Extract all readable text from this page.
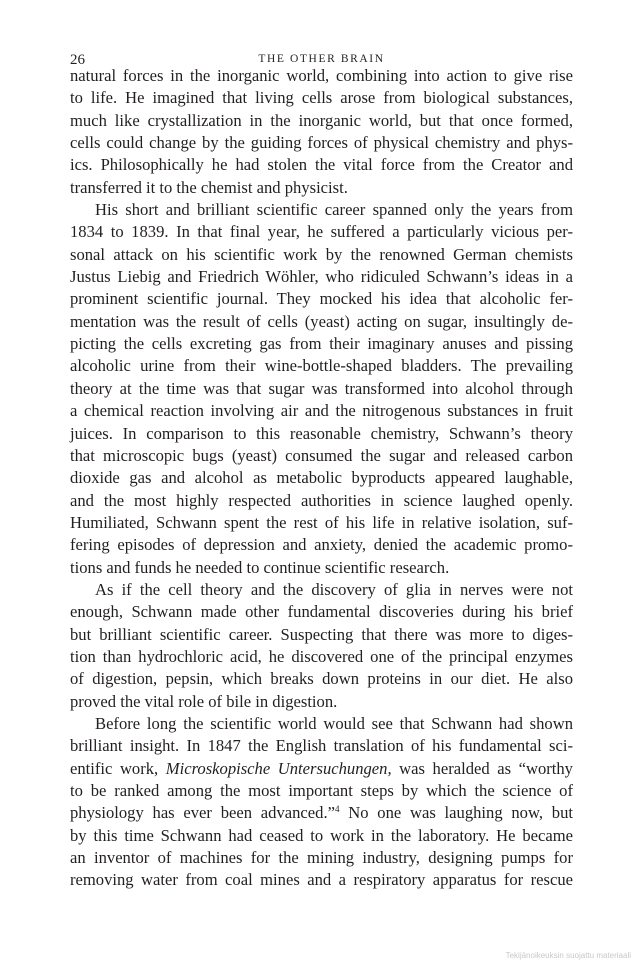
26	THE OTHER BRAIN
natural forces in the inorganic world, combining into action to give rise
to life. He imagined that living cells arose from biological substances,
much like crystallization in the inorganic world, but that once formed,
cells could change by the guiding forces of physical chemistry and phys-
ics. Philosophically he had stolen the vital force from the Creator and
transferred it to the chemist and physicist.
His short and brilliant scientific career spanned only the years from
1834 to 1839. In that final year, he suffered a particularly vicious per-
sonal attack on his scientific work by the renowned German chemists
Justus Liebig and Friedrich Wöhler, who ridiculed Schwann’s ideas in a
prominent scientific journal. They mocked his idea that alcoholic fer-
mentation was the result of cells (yeast) acting on sugar, insultingly de-
picting the cells excreting gas from their imaginary anuses and pissing
alcoholic urine from their wine-bottle-shaped bladders. The prevailing
theory at the time was that sugar was transformed into alcohol through
a chemical reaction involving air and the nitrogenous substances in fruit
juices. In comparison to this reasonable chemistry, Schwann’s theory
that microscopic bugs (yeast) consumed the sugar and released carbon
dioxide gas and alcohol as metabolic byproducts appeared laughable,
and the most highly respected authorities in science laughed openly.
Humiliated, Schwann spent the rest of his life in relative isolation, suf-
fering episodes of depression and anxiety, denied the academic promo-
tions and funds he needed to continue scientific research.
As if the cell theory and the discovery of glia in nerves were not
enough, Schwann made other fundamental discoveries during his brief
but brilliant scientific career. Suspecting that there was more to diges-
tion than hydrochloric acid, he discovered one of the principal enzymes
of digestion, pepsin, which breaks down proteins in our diet. He also
proved the vital role of bile in digestion.
Before long the scientific world would see that Schwann had shown
brilliant insight. In 1847 the English translation of his fundamental sci-
entific work, Microskopische Untersuchungen, was heralded as “worthy
to be ranked among the most important steps by which the science of
physiology has ever been advanced.”$^4$ No one was laughing now, but
by this time Schwann had ceased to work in the laboratory. He became
an inventor of machines for the mining industry, designing pumps for
removing water from coal mines and a respiratory apparatus for rescue
Tekijänoikeuksin suojattu materiaali
